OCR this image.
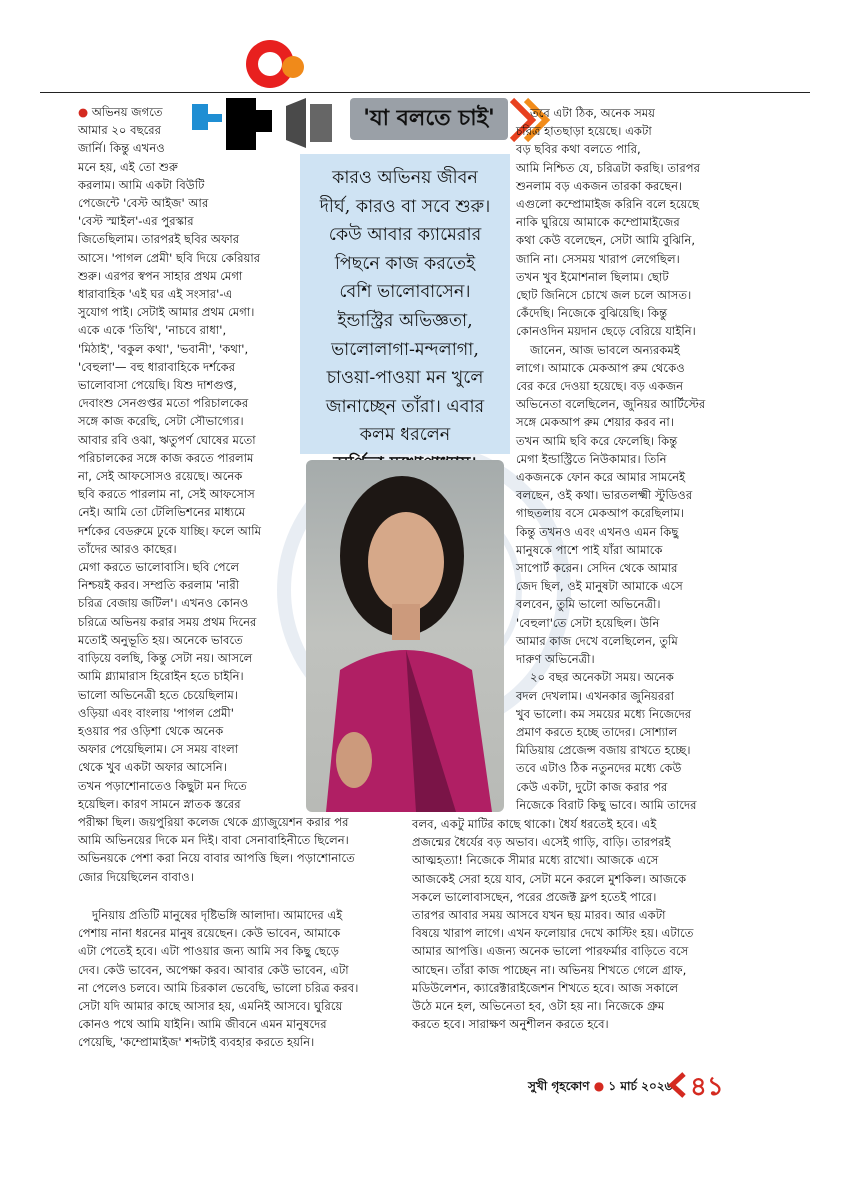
'যা বলতে চাই'
কারও অভিনয় জীবন
দীর্ঘ, কারও বা সবে শুরু।
কেউ আবার ক্যামেরার
পিছনে কাজ করতেই
বেশি ভালোবাসেন।
ইন্ডাস্ট্রির অভিজ্ঞতা,
ভালোলাগা-মন্দলাগা,
চাওয়া-পাওয়া মন খুলে
জানাচ্ছেন তাঁরা। এবার
কলম ধরলেন

● অভিনয় জগতে

আমার ২০ বছরের

জার্নি। কিন্তু এখনও

মনে হয়, এই তো শুরু

করলাম। আমি একটা বিউটি

পেজেন্টে 'বেস্ট আইজ' আর

'বেস্ট স্মাইল'-এর পুরস্কার

জিতেছিলাম। তারপরই ছবির অফার

আসে। 'পাগল প্রেমী' ছবি দিয়ে কেরিয়ার

শুরু। এরপর স্বপন সাহার প্রথম মেগা

ধারাবাহিক 'এই ঘর এই সংসার'-এ

সুযোগ পাই। সেটাই আমার প্রথম মেগা।

একে একে 'তিথি', 'নাচবে রাধা',

'মিঠাই', 'বকুল কথা', 'ভবানী', 'কথা',

'বেহুলা'— বহু ধারাবাহিকে দর্শকের

ভালোবাসা পেয়েছি। যিশু দাশগুপ্ত,

দেবাংশু সেনগুপ্তর মতো পরিচালকের

সঙ্গে কাজ করেছি, সেটা সৌভাগ্যের।

আবার রবি ওঝা, ঋতুপর্ণ ঘোষের মতো

পরিচালকের সঙ্গে কাজ করতে পারলাম

না, সেই আফসোসও রয়েছে। অনেক

ছবি করতে পারলাম না, সেই আফসোস

নেই। আমি তো টেলিভিশনের মাধ্যমে

দর্শকের বেডরুমে ঢুকে যাচ্ছি। ফলে আমি

তাঁদের আরও কাছের।

মেগা করতে ভালোবাসি। ছবি পেলে

নিশ্চয়ই করব। সম্প্রতি করলাম 'নারী

চরিত্র বেজায় জটিল'। এখনও কোনও

চরিত্রে অভিনয় করার সময় প্রথম দিনের

মতোই অনুভূতি হয়। অনেকে ভাবতে

বাড়িয়ে বলছি, কিন্তু সেটা নয়। আসলে

আমি গ্ল্যামারাস হিরোইন হতে চাইনি।

ভালো অভিনেত্রী হতে চেয়েছিলাম।

ওড়িয়া এবং বাংলায় 'পাগল প্রেমী'

হওয়ার পর ওড়িশা থেকে অনেক

অফার পেয়েছিলাম। সে সময় বাংলা

থেকে খুব একটা অফার আসেনি।

তখন পড়াশোনাতেও কিছুটা মন দিতে

হয়েছিল। কারণ সামনে স্নাতক স্তরের

পরীক্ষা ছিল। জয়পুরিয়া কলেজ থেকে গ্র্যাজুয়েশন করার পর

আমি অভিনয়ের দিকে মন দিই। বাবা সেনাবাহিনীতে ছিলেন।

অভিনয়কে পেশা করা নিয়ে বাবার আপত্তি ছিল। পড়াশোনাতে

জোর দিয়েছিলেন বাবাও।

দুনিয়ায় প্রতিটি মানুষের দৃষ্টিভঙ্গি আলাদা। আমাদের এই

পেশায় নানা ধরনের মানুষ রয়েছেন। কেউ ভাবেন, আমাকে

এটা পেতেই হবে। এটা পাওয়ার জন্য আমি সব কিছু ছেড়ে

দেব। কেউ ভাবেন, অপেক্ষা করব। আবার কেউ ভাবেন, এটা

না পেলেও চলবে। আমি চিরকাল ভেবেছি, ভালো চরিত্র করব।

সেটা যদি আমার কাছে আসার হয়, এমনিই আসবে। ঘুরিয়ে

কোনও পথে আমি যাইনি। আমি জীবনে এমন মানুষদের

পেয়েছি, 'কম্প্রোমাইজ' শব্দটাই ব্যবহার করতে হয়নি।

তবে এটা ঠিক, অনেক সময়

চরিত্র হাতছাড়া হয়েছে। একটা

বড় ছবির কথা বলতে পারি,

আমি নিশ্চিত যে, চরিত্রটা করছি। তারপর

শুনলাম বড় একজন তারকা করছেন।

এগুলো কম্প্রোমাইজ করিনি বলে হয়েছে

নাকি ঘুরিয়ে আমাকে কম্প্রোমাইজের

কথা কেউ বলেছেন, সেটা আমি বুঝিনি,

জানি না। সেসময় খারাপ লেগেছিল।

তখন খুব ইমোশনাল ছিলাম। ছোট

ছোট জিনিসে চোখে জল চলে আসত।

কেঁদেছি। নিজেকে বুঝিয়েছি। কিন্তু

কোনওদিন ময়দান ছেড়ে বেরিয়ে যাইনি।

জানেন, আজ ভাবলে অন্যরকমই

লাগে। আমাকে মেকআপ রুম থেকেও

বের করে দেওয়া হয়েছে। বড় একজন

অভিনেতা বলেছিলেন, জুনিয়র আর্টিস্টের

সঙ্গে মেকআপ রুম শেয়ার করব না।

তখন আমি ছবি করে ফেলেছি। কিন্তু

মেগা ইন্ডাস্ট্রিতে নিউকামার। তিনি

একজনকে ফোন করে আমার সামনেই

বলছেন, ওই কথা। ভারতলক্ষ্মী স্টুডিওর

গাছতলায় বসে মেকআপ করেছিলাম।

কিন্তু তখনও এবং এখনও এমন কিছু

মানুষকে পাশে পাই যাঁরা আমাকে

সাপোর্ট করেন। সেদিন থেকে আমার

জেদ ছিল, ওই মানুষটা আমাকে এসে

বলবেন, তুমি ভালো অভিনেত্রী।

'বেহুলা'তে সেটা হয়েছিল। উনি

আমার কাজ দেখে বলেছিলেন, তুমি

দারুণ অভিনেত্রী।

২০ বছর অনেকটা সময়। অনেক

বদল দেখলাম। এখনকার জুনিয়ররা

খুব ভালো। কম সময়ের মধ্যে নিজেদের

প্রমাণ করতে হচ্ছে তাদের। সোশ্যাল

মিডিয়ায় প্রেজেন্স বজায় রাখতে হচ্ছে।

তবে এটাও ঠিক নতুনদের মধ্যে কেউ

কেউ একটা, দুটো কাজ করার পর

নিজেকে বিরাট কিছু ভাবে। আমি তাদের

বলব, একটু মাটির কাছে থাকো। ধৈর্য ধরতেই হবে। এই

প্রজন্মের ধৈর্যের বড় অভাব। এসেই গাড়ি, বাড়ি। তারপরই

আত্মহত্যা! নিজেকে সীমার মধ্যে রাখো। আজকে এসে

আজকেই সেরা হয়ে যাব, সেটা মনে করলে মুশকিল। আজকে

সকলে ভালোবাসছেন, পরের প্রজেক্ট ফ্লপ হতেই পারে।

তারপর আবার সময় আসবে যখন ছয় মারব। আর একটা

বিষয়ে খারাপ লাগে। এখন ফলোয়ার দেখে কাস্টিং হয়। এটাতে

আমার আপত্তি। এজন্য অনেক ভালো পারফর্মার বাড়িতে বসে

আছেন। তাঁরা কাজ পাচ্ছেন না। অভিনয় শিখতে গেলে গ্রাফ,

মডিউলেশন, ক্যারেক্টারাইজেশন শিখতে হবে। আজ সকালে

উঠে মনে হল, অভিনেতা হব, ওটা হয় না। নিজেকে গ্রুম

করতে হবে। সারাক্ষণ অনুশীলন করতে হবে।

সুখী গৃহকোণ ● ১ মার্চ ২০২৬ ৪১
